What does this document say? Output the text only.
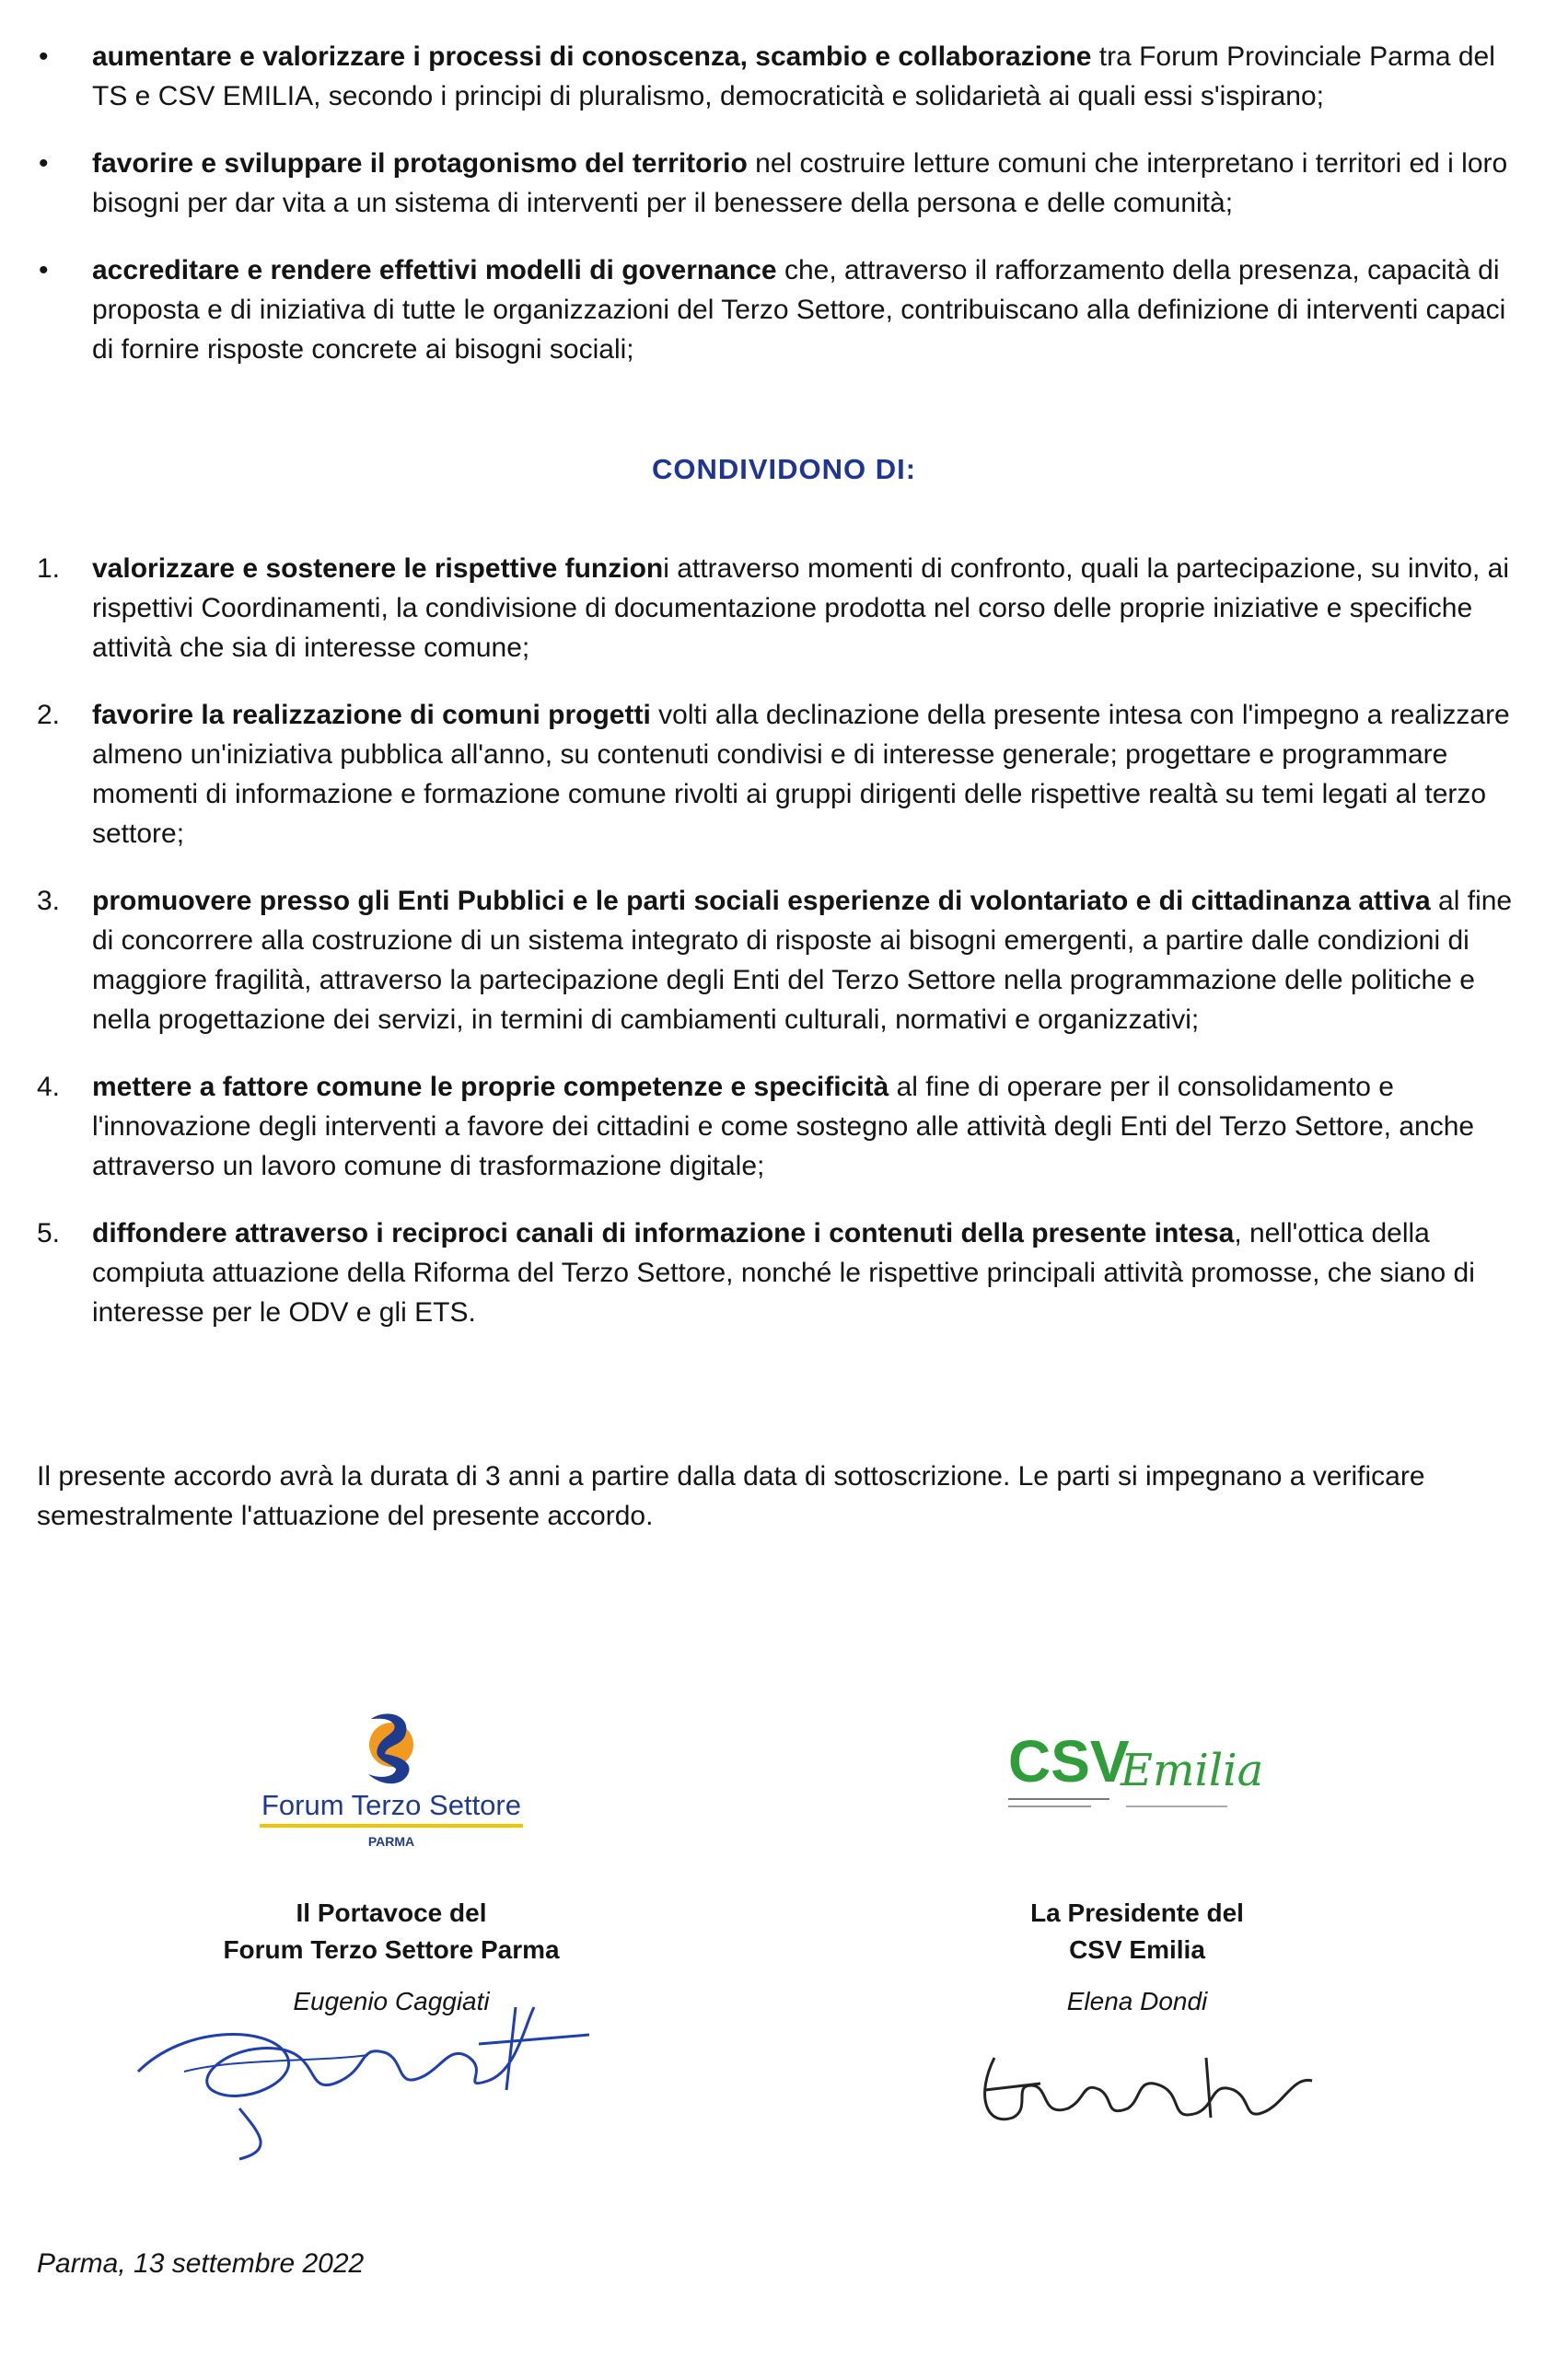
• aumentare e valorizzare i processi di conoscenza, scambio e collaborazione tra Forum Provinciale Parma del TS e CSV EMILIA, secondo i principi di pluralismo, democraticità e solidarietà ai quali essi s'ispirano;
• favorire e sviluppare il protagonismo del territorio nel costruire letture comuni che interpretano i territori ed i loro bisogni per dar vita a un sistema di interventi per il benessere della persona e delle comunità;
• accreditare e rendere effettivi modelli di governance che, attraverso il rafforzamento della presenza, capacità di proposta e di iniziativa di tutte le organizzazioni del Terzo Settore, contribuiscano alla definizione di interventi capaci di fornire risposte concrete ai bisogni sociali;
CONDIVIDONO DI:
1. valorizzare e sostenere le rispettive funzioni attraverso momenti di confronto, quali la partecipazione, su invito, ai rispettivi Coordinamenti, la condivisione di documentazione prodotta nel corso delle proprie iniziative e specifiche attività che sia di interesse comune;
2. favorire la realizzazione di comuni progetti volti alla declinazione della presente intesa con l'impegno a realizzare almeno un'iniziativa pubblica all'anno, su contenuti condivisi e di interesse generale; progettare e programmare momenti di informazione e formazione comune rivolti ai gruppi dirigenti delle rispettive realtà su temi legati al terzo settore;
3. promuovere presso gli Enti Pubblici e le parti sociali esperienze di volontariato e di cittadinanza attiva al fine di concorrere alla costruzione di un sistema integrato di risposte ai bisogni emergenti, a partire dalle condizioni di maggiore fragilità, attraverso la partecipazione degli Enti del Terzo Settore nella programmazione delle politiche e nella progettazione dei servizi, in termini di cambiamenti culturali, normativi e organizzativi;
4. mettere a fattore comune le proprie competenze e specificità al fine di operare per il consolidamento e l'innovazione degli interventi a favore dei cittadini e come sostegno alle attività degli Enti del Terzo Settore, anche attraverso un lavoro comune di trasformazione digitale;
5. diffondere attraverso i reciproci canali di informazione i contenuti della presente intesa, nell'ottica della compiuta attuazione della Riforma del Terzo Settore, nonché le rispettive principali attività promosse, che siano di interesse per le ODV e gli ETS.
Il presente accordo avrà la durata di 3 anni a partire dalla data di sottoscrizione. Le parti si impegnano a verificare semestralmente l'attuazione del presente accordo.
Forum Terzo Settore
PARMA
CSV
Emilia
Il Portavoce del
Forum Terzo Settore Parma
Eugenio Caggiati
La Presidente del
CSV Emilia
Elena Dondi
Parma, 13 settembre 2022
